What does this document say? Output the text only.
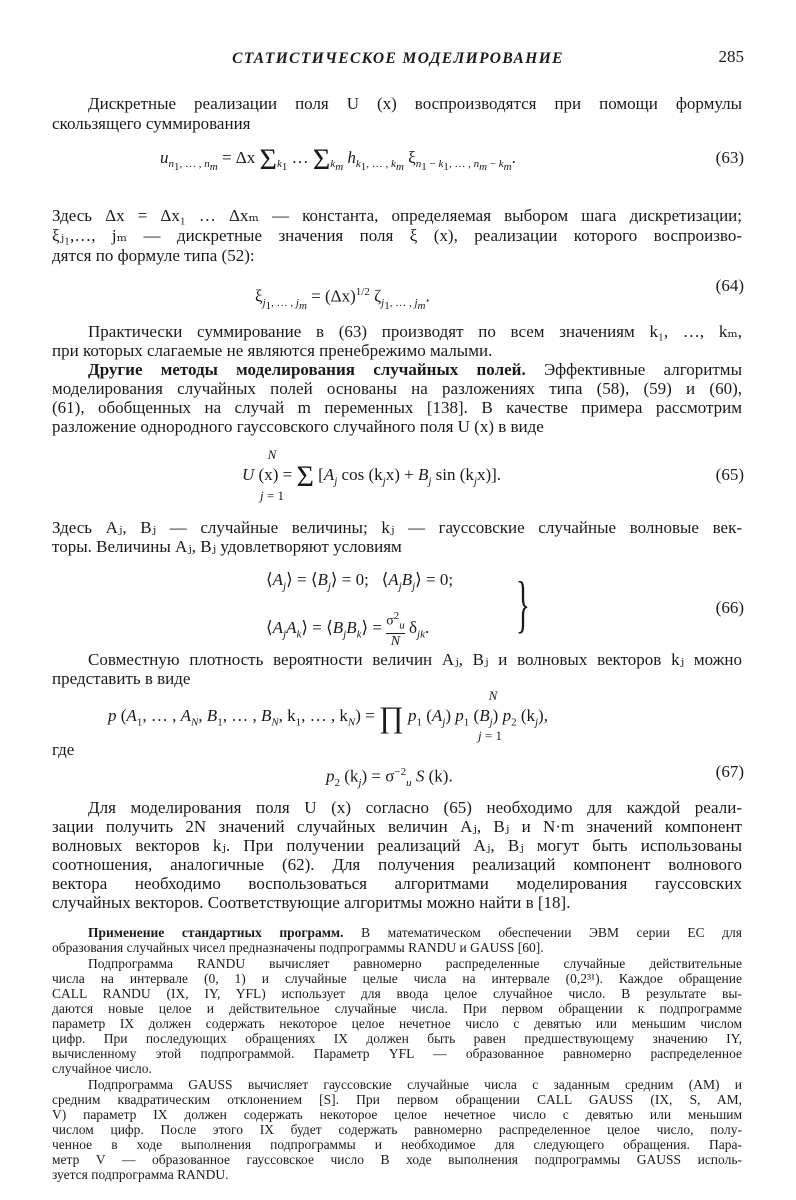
СТАТИСТИЧЕСКОЕ МОДЕЛИРОВАНИЕ	285
Дискретные реализации поля U (x) воспроизводятся при помощи формулы
скользящего суммирования
$u_{n_1, \dots , n_m} = \Delta x$ $\Sigma_{k_1}$ … $\Sigma_{k_m}$ $h_{k_1, \dots , k_m}$ $\xi_{n_1 - k_1, \dots , n_m - k_m}$.	(63)
Здесь Δx = Δx₁ … Δxₘ — константа, определяемая выбором шага дискретизации;
ξⱼ₁,…, jₘ — дискретные значения поля ξ (x), реализации которого воспроизво-
дятся по формуле типа (52):
$\xi_{j_1, \dots , j_m} = (\Delta x)^{1/2}$ $\zeta_{j_1, \dots , j_m}$.
(64)
Практически суммирование в (63) производят по всем значениям k₁, …, kₘ,
при которых слагаемые не являются пренебрежимо малыми.
Другие методы моделирования случайных полей. Эффективные алгоритмы
моделирования случайных полей основаны на разложениях типа (58), (59) и (60),
(61), обобщенных на случай m переменных [138]. В качестве примера рассмотрим
разложение однородного гауссовского случайного поля U (x) в виде
N
U (x) = Σ [$A_j$ $\cos (k_jx) + B_j$ $\sin (k_jx)$].
j = 1
(65)
Здесь Aⱼ, Bⱼ — случайные величины; kⱼ — гауссовские случайные волновые век-
торы. Величины Aⱼ, Bⱼ удовлетворяют условиям
$⟨A_j⟩$ = $⟨B_j⟩ = 0$;   $⟨A_jB_j⟩ = 0$;
$⟨A_jA_k⟩$ = $⟨B_jB_k⟩ = \frac{\sigma^2_u}{N} \delta_{jk}$. }	(66)
Совместную плотность вероятности величин Aⱼ, Bⱼ и волновых векторов kⱼ можно
представить в виде
N
p ($A_1$, … , $A_N$, $B_1$, … , $B_N$, $k_1$, … , $k_N$) = ∏ $p_1$ $(A_j)$ $p_1$ $(B_j)$ $p_2$ $(k_j)$,
j = 1
где
$p_2$ $(k_j) = \sigma^{-2}_u$ S (k).	(67)
Для моделирования поля U (x) согласно (65) необходимо для каждой реали-
зации получить 2N значений случайных величин Aⱼ, Bⱼ и N·m значений компонент
волновых векторов kⱼ. При получении реализаций Aⱼ, Bⱼ могут быть использованы
соотношения, аналогичные (62). Для получения реализаций компонент волнового
вектора необходимо воспользоваться алгоритмами моделирования гауссовских
случайных векторов. Соответствующие алгоритмы можно найти в [18].
Применение стандартных программ. В математическом обеспечении ЭВМ серии ЕС для
образования случайных чисел предназначены подпрограммы RANDU и GAUSS [60].
Подпрограмма RANDU вычисляет равномерно распределенные случайные действительные
числа на интервале (0, 1) и случайные целые числа на интервале (0,2³¹). Каждое обращение
CALL RANDU (IX, IY, YFL) использует для ввода целое случайное число. В результате вы-
даются новые целое и действительное случайные числа. При первом обращении к подпрограмме
параметр IX должен содержать некоторое целое нечетное число с девятью или меньшим числом
цифр. При последующих обращениях IX должен быть равен предшествующему значению IY,
вычисленному этой подпрограммой. Параметр YFL — образованное равномерно распределенное
случайное число.
Подпрограмма GAUSS вычисляет гауссовские случайные числа с заданным средним (AM) и
средним квадратическим отклонением [S]. При первом обращении CALL GAUSS (IX, S, AM,
V) параметр IX должен содержать некоторое целое нечетное число с девятью или меньшим
числом цифр. После этого IX будет содержать равномерно распределенное целое число, полу-
ченное в ходе выполнения подпрограммы и необходимое для следующего обращения. Пара-
метр V — образованное гауссовское число В ходе выполнения подпрограммы GAUSS исполь-
зуется подпрограмма RANDU.
